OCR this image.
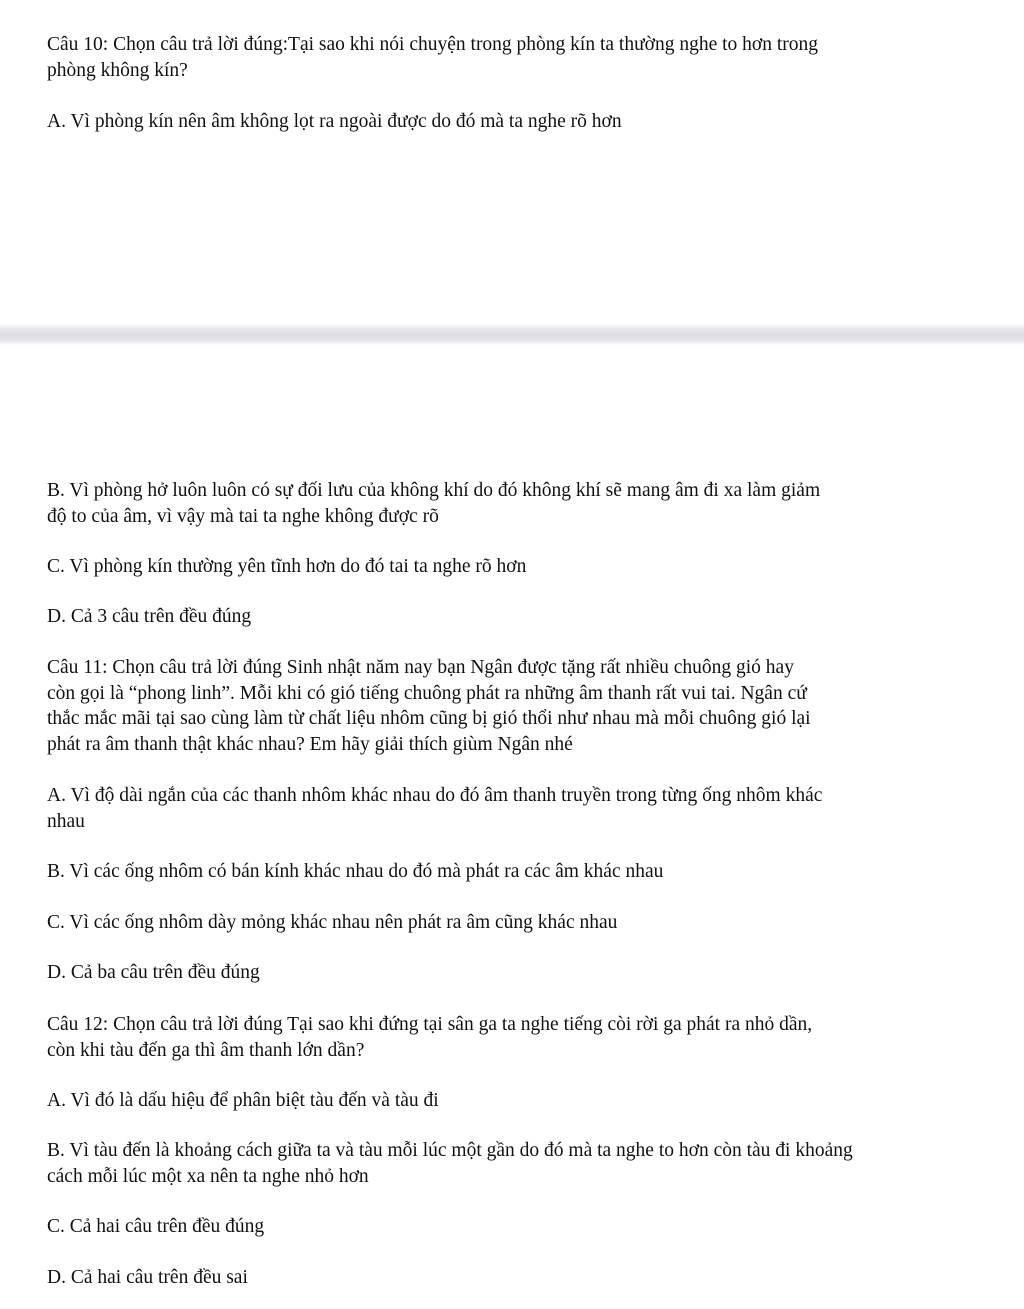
Câu 10: Chọn câu trả lời đúng:Tại sao khi nói chuyện trong phòng kín ta thường nghe to hơn trong
phòng không kín?

A. Vì phòng kín nên âm không lọt ra ngoài được do đó mà ta nghe rõ hơn

B. Vì phòng hở luôn luôn có sự đối lưu của không khí do đó không khí sẽ mang âm đi xa làm giảm
độ to của âm, vì vậy mà tai ta nghe không được rõ

C. Vì phòng kín thường yên tĩnh hơn do đó tai ta nghe rõ hơn

D. Cả 3 câu trên đều đúng

Câu 11: Chọn câu trả lời đúng Sinh nhật năm nay bạn Ngân được tặng rất nhiều chuông gió hay
còn gọi là “phong linh”. Mỗi khi có gió tiếng chuông phát ra những âm thanh rất vui tai. Ngân cứ
thắc mắc mãi tại sao cùng làm từ chất liệu nhôm cũng bị gió thổi như nhau mà mỗi chuông gió lại
phát ra âm thanh thật khác nhau? Em hãy giải thích giùm Ngân nhé

A. Vì độ dài ngắn của các thanh nhôm khác nhau do đó âm thanh truyền trong từng ống nhôm khác
nhau

B. Vì các ống nhôm có bán kính khác nhau do đó mà phát ra các âm khác nhau

C. Vì các ống nhôm dày mỏng khác nhau nên phát ra âm cũng khác nhau

D. Cả ba câu trên đều đúng

Câu 12: Chọn câu trả lời đúng Tại sao khi đứng tại sân ga ta nghe tiếng còi rời ga phát ra nhỏ dần,
còn khi tàu đến ga thì âm thanh lớn dần?

A. Vì đó là dấu hiệu để phân biệt tàu đến và tàu đi

B. Vì tàu đến là khoảng cách giữa ta và tàu mỗi lúc một gần do đó mà ta nghe to hơn còn tàu đi khoảng
cách mỗi lúc một xa nên ta nghe nhỏ hơn

C. Cả hai câu trên đều đúng

D. Cả hai câu trên đều sai
